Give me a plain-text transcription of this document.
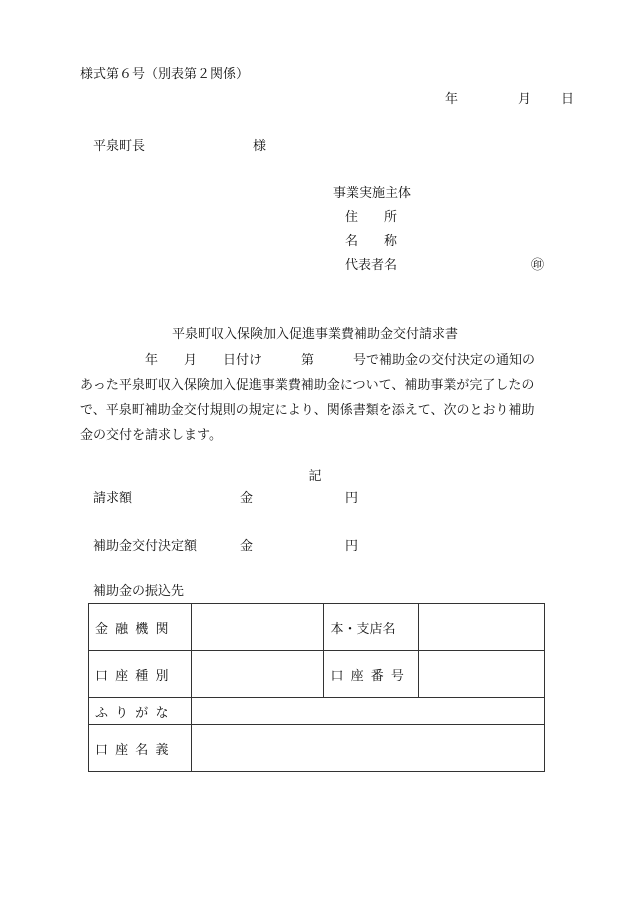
様式第６号（別表第２関係）
年	月 日
平泉町長	様
事業実施主体
住　　所
名　　称
代表者名	㊞
平泉町収入保険加入促進事業費補助金交付請求書
　　　　　年　　月　　日付け　　　第　　　号で補助金の交付決定の通知の
あった平泉町収入保険加入促進事業費補助金について、補助事業が完了したの
で、平泉町補助金交付規則の規定により、関係書類を添えて、次のとおり補助
金の交付を請求します。
記
請求額	金	円
補助金交付決定額	金	円
補助金の振込先
金融機関		本・支店名	
口座種別		口座番号	
ふりがな			
口座名義			
